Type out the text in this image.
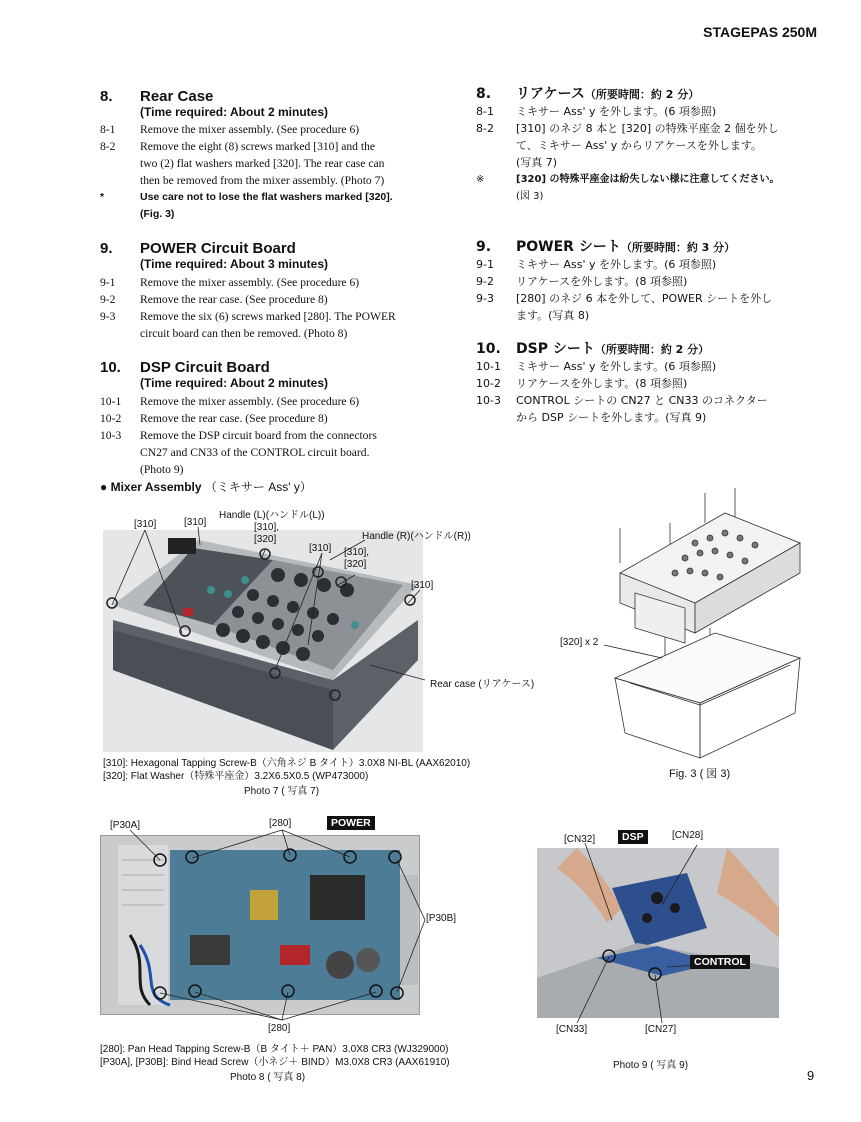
STAGEPAS 250M
8. Rear Case
(Time required: About 2 minutes)
8-1 Remove the mixer assembly. (See procedure 6)
8-2 Remove the eight (8) screws marked [310] and the
two (2) flat washers marked [320]. The rear case can
then be removed from the mixer assembly. (Photo 7)
*	Use care not to lose the flat washers marked [320].
(Fig. 3)
9. POWER Circuit Board
(Time required: About 3 minutes)
9-1 Remove the mixer assembly. (See procedure 6)
9-2 Remove the rear case. (See procedure 8)
9-3 Remove the six (6) screws marked [280]. The POWER
circuit board can then be removed. (Photo 8)
10. DSP Circuit Board
(Time required: About 2 minutes)
10-1 Remove the mixer assembly. (See procedure 6)
10-2 Remove the rear case. (See procedure 8)
10-3 Remove the DSP circuit board from the connectors
CN27 and CN33 of the CONTROL circuit board.
(Photo 9)
8. リアケース（所要時間：約 2 分）
8-1 ミキサー Ass' y を外します。(6 項参照)
8-2 [310] のネジ 8 本と [320] の特殊平座金 2 個を外し
て、ミキサー Ass' y からリアケースを外します。
(写真 7)
※	[320] の特殊平座金は紛失しない様に注意してください。
(図 3)
9. POWER シート（所要時間：約 3 分）
9-1 ミキサー Ass' y を外します。(6 項参照)
9-2 リアケースを外します。(8 項参照)
9-3 [280] のネジ 6 本を外して、POWER シートを外し
ます。(写真 8)
10. DSP シート（所要時間：約 2 分）
10-1 ミキサー Ass' y を外します。(6 項参照)
10-2 リアケースを外します。(8 項参照)
10-3 CONTROL シートの CN27 と CN33 のコネクター
から DSP シートを外します。(写真 9)
● Mixer Assembly （ミキサー Ass' y）
[310]	[310]
Handle (L)(ハンドル(L))
[310],
[320]	Handle (R)(ハンドル(R))
[310] [310],
[320]
[310]
Rear case (リアケース)
[310]: Hexagonal Tapping Screw-B（六角ネジ B タイト）3.0X8 NI-BL (AAX62010)
[320]: Flat Washer（特殊平座金）3.2X6.5X0.5 (WP473000)
Photo 7 ( 写真 7)
[320] x 2
Fig. 3 ( 図 3)
[P30A]	[280]	POWER
[P30B]
[280]
[280]: Pan Head Tapping Screw-B（B タイト＋ PAN）3.0X8 CR3 (WJ329000)
[P30A], [P30B]: Bind Head Screw（小ネジ＋ BIND）M3.0X8 CR3 (AAX61910)
Photo 8 ( 写真 8)
[CN32]	DSP	[CN28]
CONTROL
[CN33]	[CN27]
Photo 9 ( 写真 9)
9
